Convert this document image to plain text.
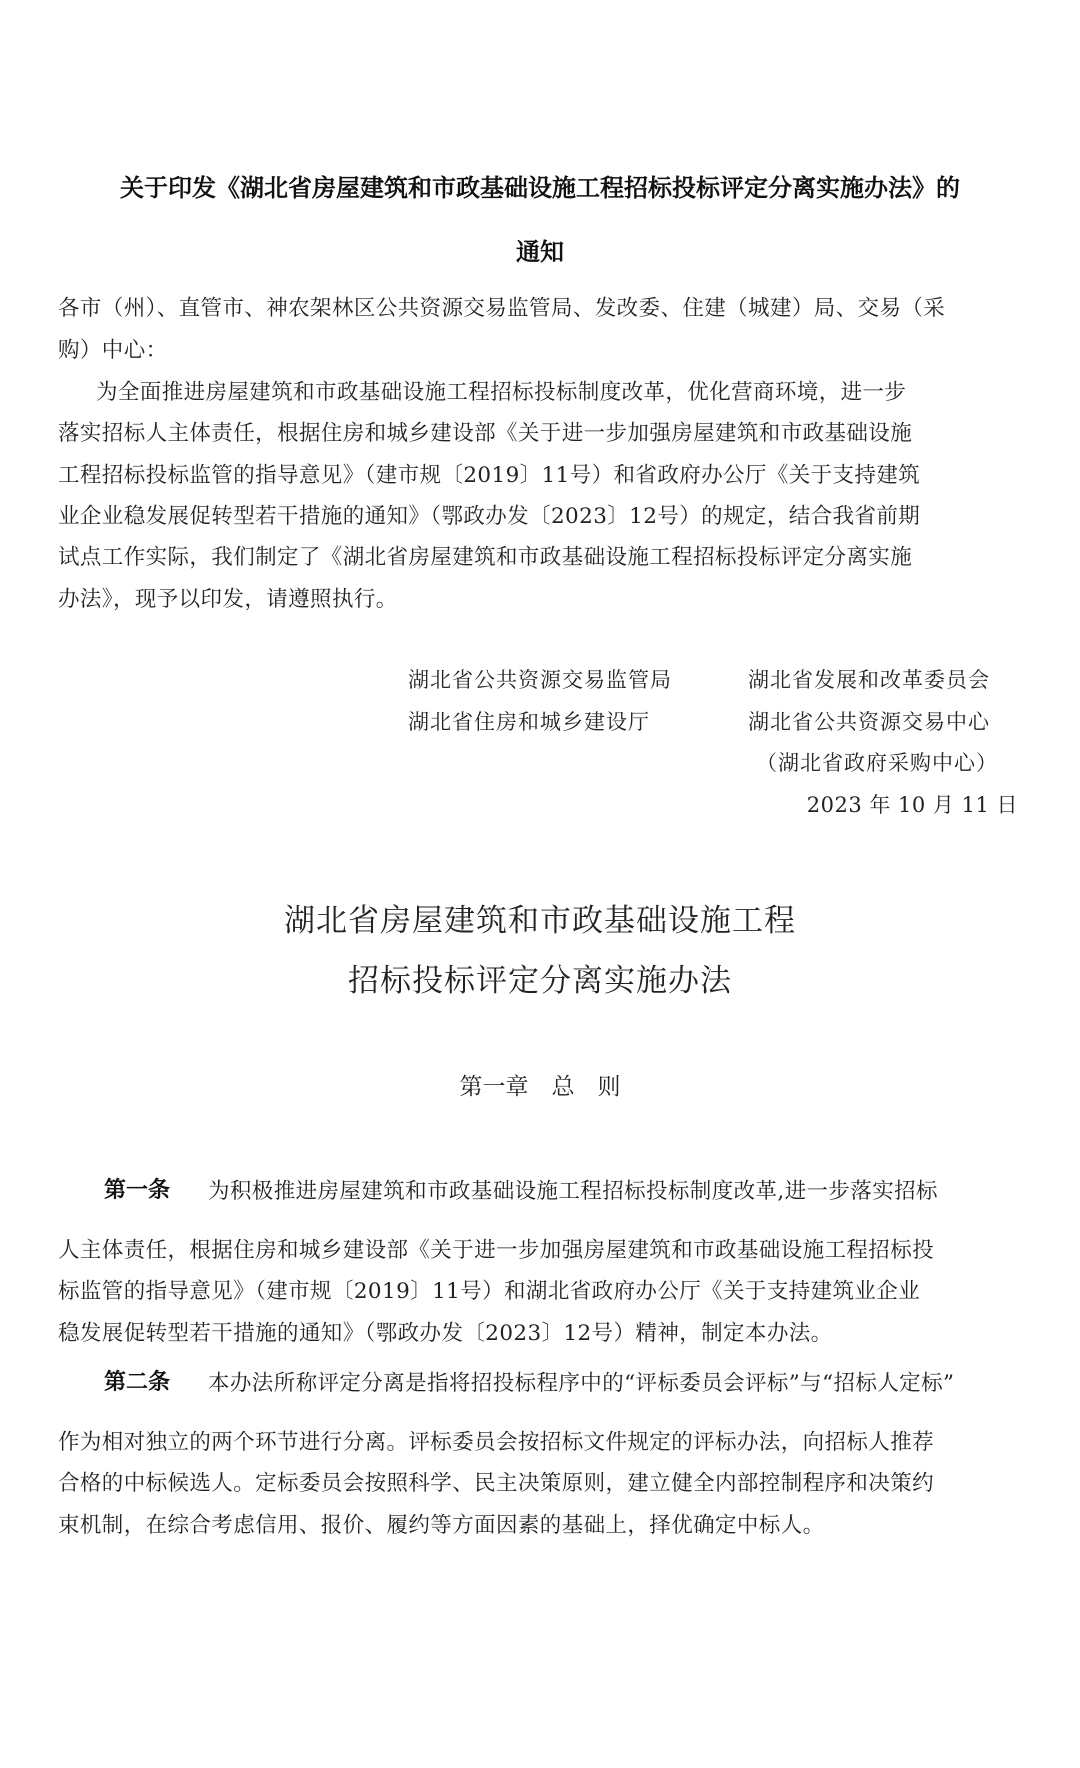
关于印发《湖北省房屋建筑和市政基础设施工程招标投标评定分离实施办法》的
通知
各市（州）、直管市、神农架林区公共资源交易监管局、发改委、住建（城建）局、交易（采
购）中心：
为全面推进房屋建筑和市政基础设施工程招标投标制度改革，优化营商环境，进一步
落实招标人主体责任，根据住房和城乡建设部《关于进一步加强房屋建筑和市政基础设施
工程招标投标监管的指导意见》（建市规〔2019〕11号）和省政府办公厅《关于支持建筑
业企业稳发展促转型若干措施的通知》（鄂政办发〔2023〕12号）的规定，结合我省前期
试点工作实际，我们制定了《湖北省房屋建筑和市政基础设施工程招标投标评定分离实施
办法》，现予以印发，请遵照执行。
湖北省公共资源交易监管局	湖北省发展和改革委员会
湖北省住房和城乡建设厅	湖北省公共资源交易中心
（湖北省政府采购中心）
2023 年 10 月 11 日
湖北省房屋建筑和市政基础设施工程
招标投标评定分离实施办法
第一章　总　则
第一条 为积极推进房屋建筑和市政基础设施工程招标投标制度改革,进一步落实招标
人主体责任，根据住房和城乡建设部《关于进一步加强房屋建筑和市政基础设施工程招标投
标监管的指导意见》（建市规〔2019〕11号）和湖北省政府办公厅《关于支持建筑业企业
稳发展促转型若干措施的通知》（鄂政办发〔2023〕12号）精神，制定本办法。
第二条 本办法所称评定分离是指将招投标程序中的“评标委员会评标”与“招标人定标”
作为相对独立的两个环节进行分离。评标委员会按招标文件规定的评标办法，向招标人推荐
合格的中标候选人。定标委员会按照科学、民主决策原则，建立健全内部控制程序和决策约
束机制，在综合考虑信用、报价、履约等方面因素的基础上，择优确定中标人。
